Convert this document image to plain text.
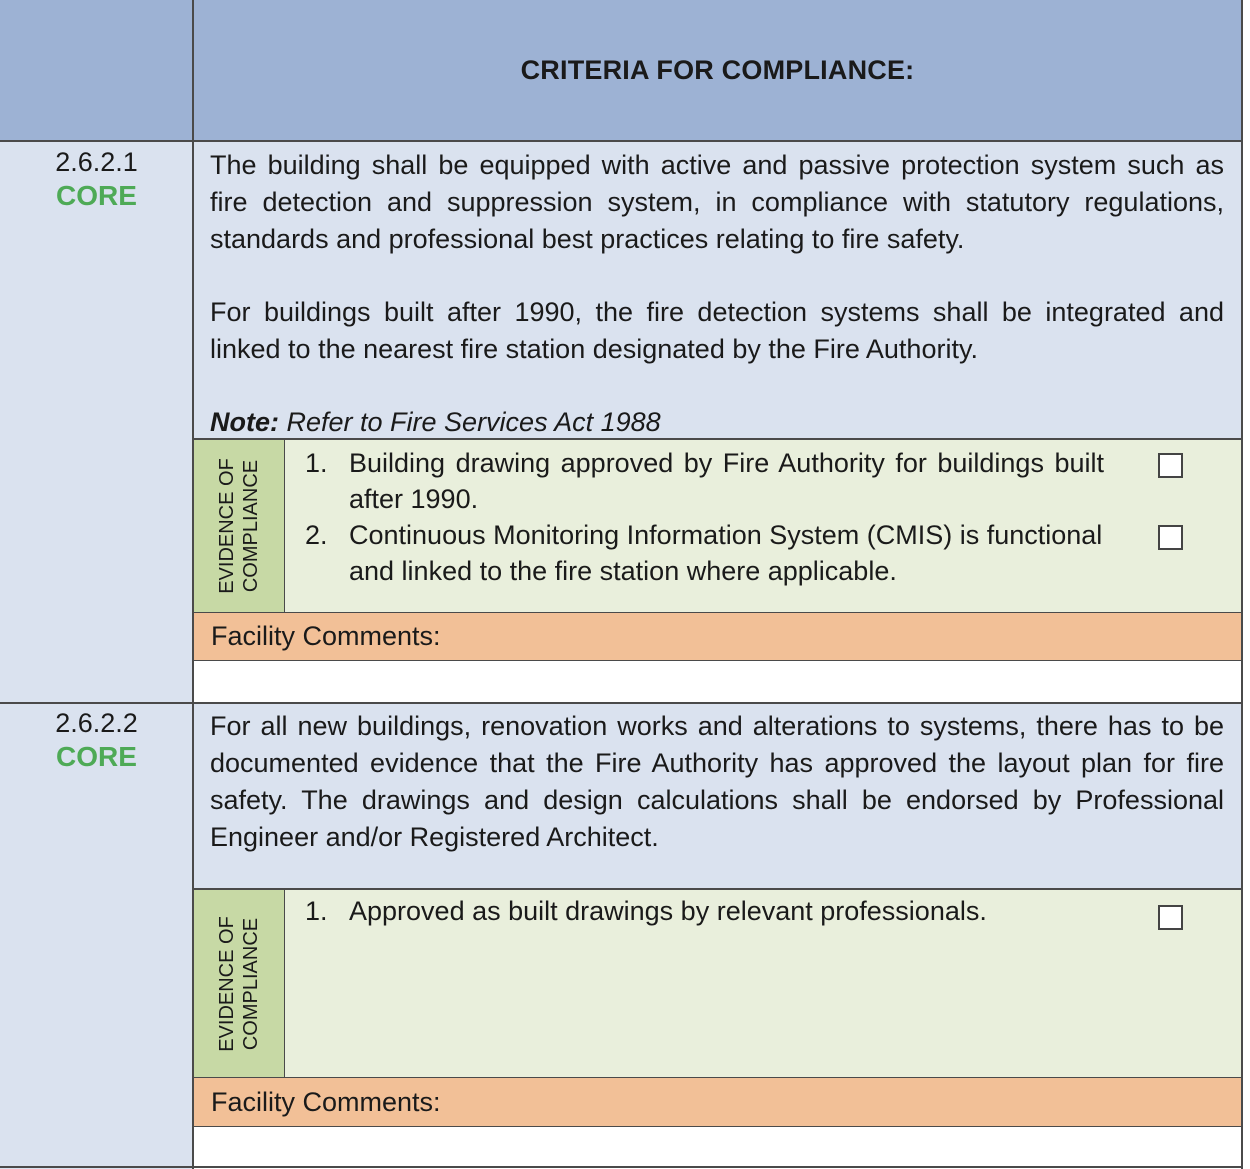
CRITERIA FOR COMPLIANCE:
2.6.2.1
CORE

The building shall be equipped with active and passive protection system such as fire detection and suppression system, in compliance with statutory regulations, standards and professional best practices relating to fire safety.

For buildings built after 1990, the fire detection systems shall be integrated and linked to the nearest fire station designated by the Fire Authority.

Note: Refer to Fire Services Act 1988

EVIDENCE OF COMPLIANCE	1. Building drawing approved by Fire Authority for buildings built after 1990.
2. Continuous Monitoring Information System (CMIS) is functional and linked to the fire station where applicable.
Facility Comments:
2.6.2.2
CORE

For all new buildings, renovation works and alterations to systems, there has to be documented evidence that the Fire Authority has approved the layout plan for fire safety. The drawings and design calculations shall be endorsed by Professional Engineer and/or Registered Architect.

EVIDENCE OF COMPLIANCE
1. Approved as built drawings by relevant professionals.
Facility Comments:
